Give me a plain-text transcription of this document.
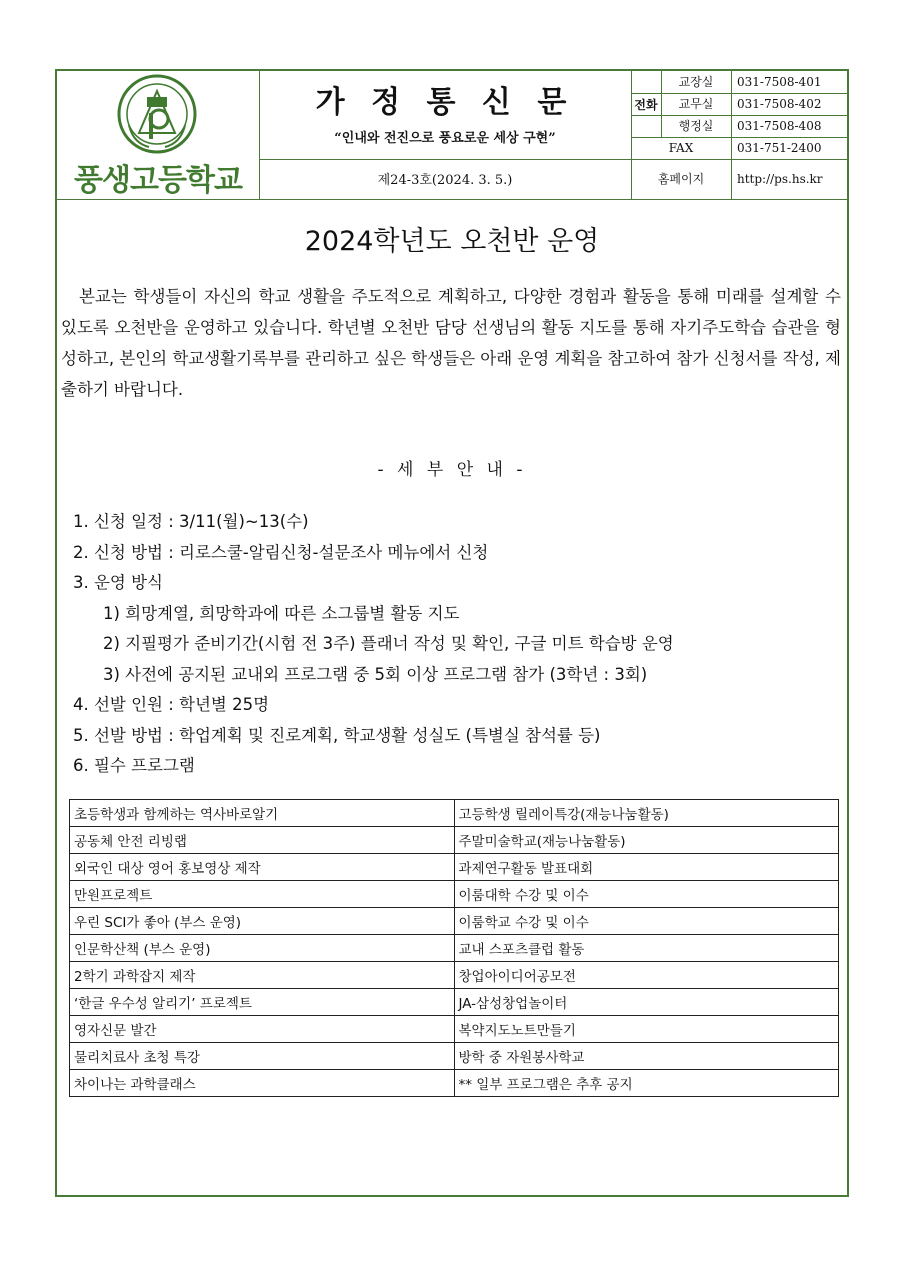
풍생고등학교
가 정 통 신 문
“인내와 전진으로 풍요로운 세상 구현”
제24-3호(2024. 3. 5.)
전화
교장실	031-7508-401
교무실	031-7508-402
행정실	031-7508-408
FAX	031-751-2400
홈페이지	http://ps.hs.kr
2024학년도 오천반 운영
　본교는 학생들이 자신의 학교 생활을 주도적으로 계획하고, 다양한 경험과 활동을 통해 미래를 설계할 수 있도록 오천반을 운영하고 있습니다. 학년별 오천반 담당 선생님의 활동 지도를 통해 자기주도학습 습관을 형성하고, 본인의 학교생활기록부를 관리하고 싶은 학생들은 아래 운영 계획을 참고하여 참가 신청서를 작성, 제출하기 바랍니다.
- 세 부 안 내 -
1. 신청 일정 : 3/11(월)~13(수)
2. 신청 방법 : 리로스쿨-알림신청-설문조사 메뉴에서 신청
3. 운영 방식
1) 희망계열, 희망학과에 따른 소그룹별 활동 지도
2) 지필평가 준비기간(시험 전 3주) 플래너 작성 및 확인, 구글 미트 학습방 운영
3) 사전에 공지된 교내외 프로그램 중 5회 이상 프로그램 참가 (3학년 : 3회)
4. 선발 인원 : 학년별 25명
5. 선발 방법 : 학업계획 및 진로계획, 학교생활 성실도 (특별실 참석률 등)
6. 필수 프로그램
초등학생과 함께하는 역사바로알기	고등학생 릴레이특강(재능나눔활동)
공동체 안전 리빙랩	주말미술학교(재능나눔활동)
외국인 대상 영어 홍보영상 제작	과제연구활동 발표대회
만원프로젝트	이룸대학 수강 및 이수
우린 SCI가 좋아 (부스 운영)	이룸학교 수강 및 이수
인문학산책 (부스 운영)	교내 스포츠클럽 활동
2학기 과학잡지 제작	창업아이디어공모전
‘한글 우수성 알리기’ 프로젝트	JA-삼성창업놀이터
영자신문 발간	복약지도노트만들기
물리치료사 초청 특강	방학 중 자원봉사학교
차이나는 과학클래스	** 일부 프로그램은 추후 공지
